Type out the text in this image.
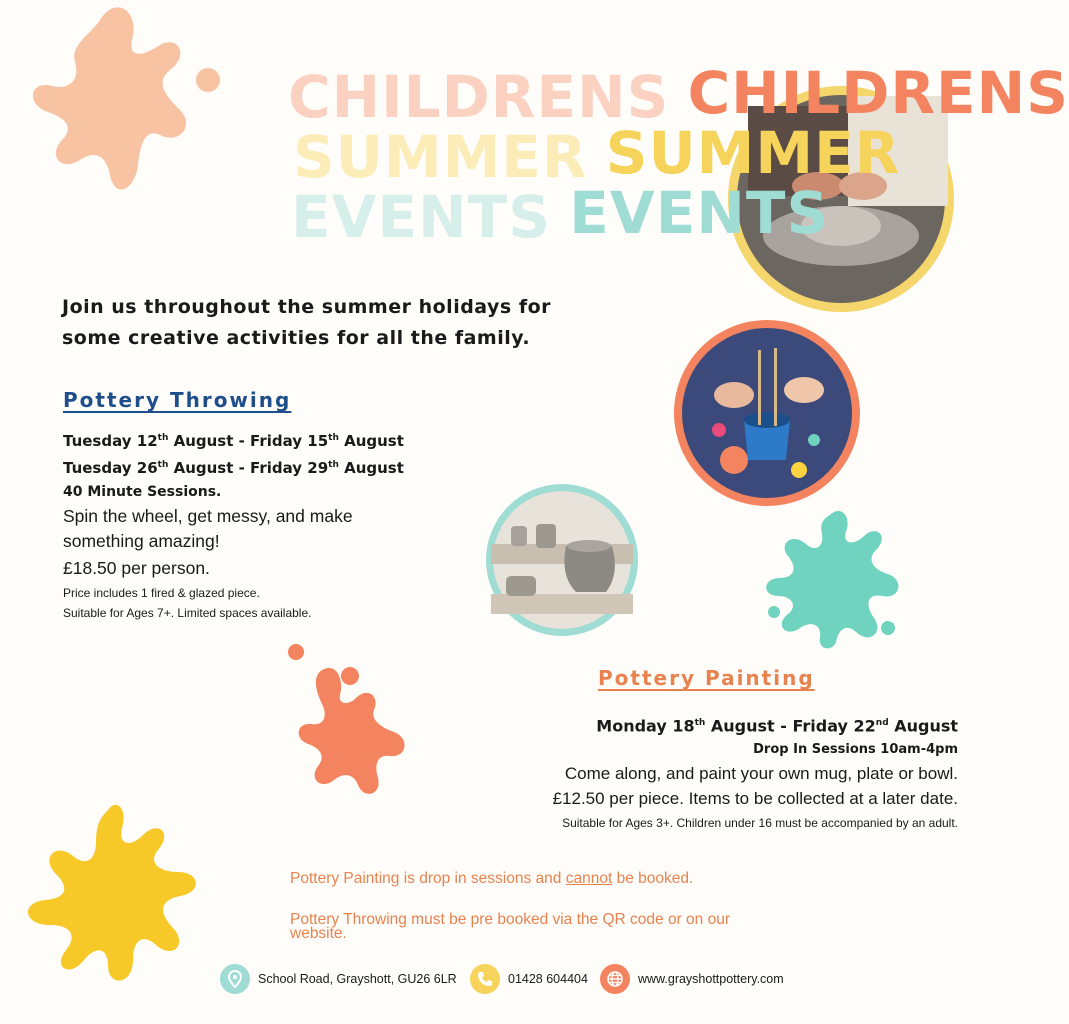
CHILDRENS CHILDRENS
SUMMER SUMMER
EVENTS EVENTS
Join us throughout the summer holidays for
some creative activities for all the family.
Pottery Throwing
Tuesday 12th August - Friday 15th August
Tuesday 26th August - Friday 29th August
40 Minute Sessions.
Spin the wheel, get messy, and make
something amazing!
£18.50 per person.
Price includes 1 fired & glazed piece.
Suitable for Ages 7+. Limited spaces available.
Pottery Painting
Monday 18th August - Friday 22nd August
Drop In Sessions 10am-4pm
Come along, and paint your own mug, plate or bowl.
£12.50 per piece. Items to be collected at a later date.
Suitable for Ages 3+. Children under 16 must be accompanied by an adult.
Pottery Painting is drop in sessions and cannot be booked.
Pottery Throwing must be pre booked via the QR code or on our website.
School Road, Grayshott, GU26 6LR	01428 604404	www.grayshottpottery.com
